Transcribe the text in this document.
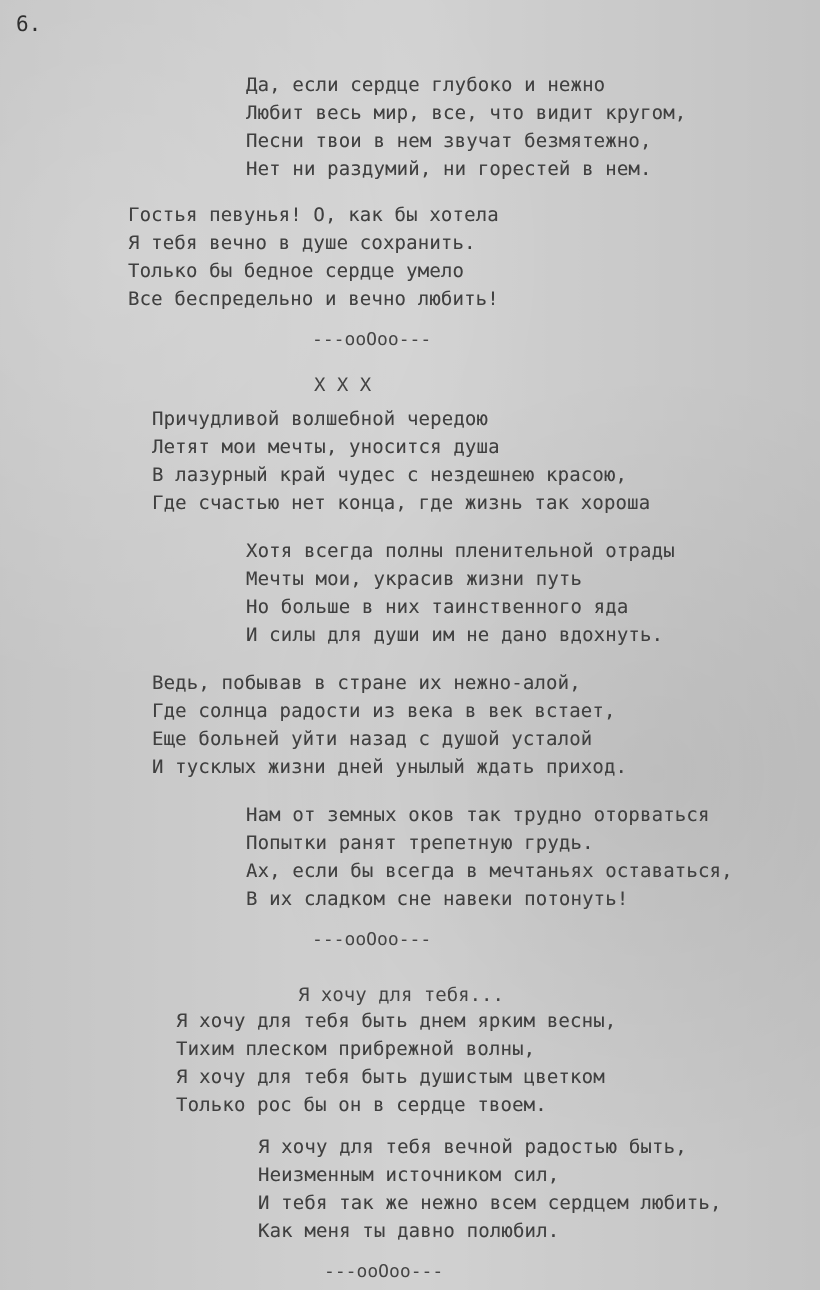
6.
Да, если сердце глубоко и нежно
Любит весь мир, все, что видит кругом,
Песни твои в нем звучат безмятежно,
Нет ни раздумий, ни горестей в нем.
Гостья певунья! О, как бы хотела
Я тебя вечно в душе сохранить.
Только бы бедное сердце умело
Все беспредельно и вечно любить!
---ooOoo---
Х Х Х
Причудливой волшебной чередою
Летят мои мечты, уносится душа
В лазурный край чудес с нездешнею красою,
Где счастью нет конца, где жизнь так хороша
Хотя всегда полны пленительной отрады
Мечты мои, украсив жизни путь
Но больше в них таинственного яда
И силы для души им не дано вдохнуть.
Ведь, побывав в стране их нежно-алой,
Где солнца радости из века в век встает,
Еще больней уйти назад с душой усталой
И тусклых жизни дней унылый ждать приход.
Нам от земных оков так трудно оторваться
Попытки ранят трепетную грудь.
Ах, если бы всегда в мечтаньях оставаться,
В их сладком сне навеки потонуть!
---ooOoo---
Я хочу для тебя...
Я хочу для тебя быть днем ярким весны,
Тихим плеском прибрежной волны,
Я хочу для тебя быть душистым цветком
Только рос бы он в сердце твоем.
Я хочу для тебя вечной радостью быть,
Неизменным источником сил,
И тебя так же нежно всем сердцем любить,
Как меня ты давно полюбил.
---ooOoo---
